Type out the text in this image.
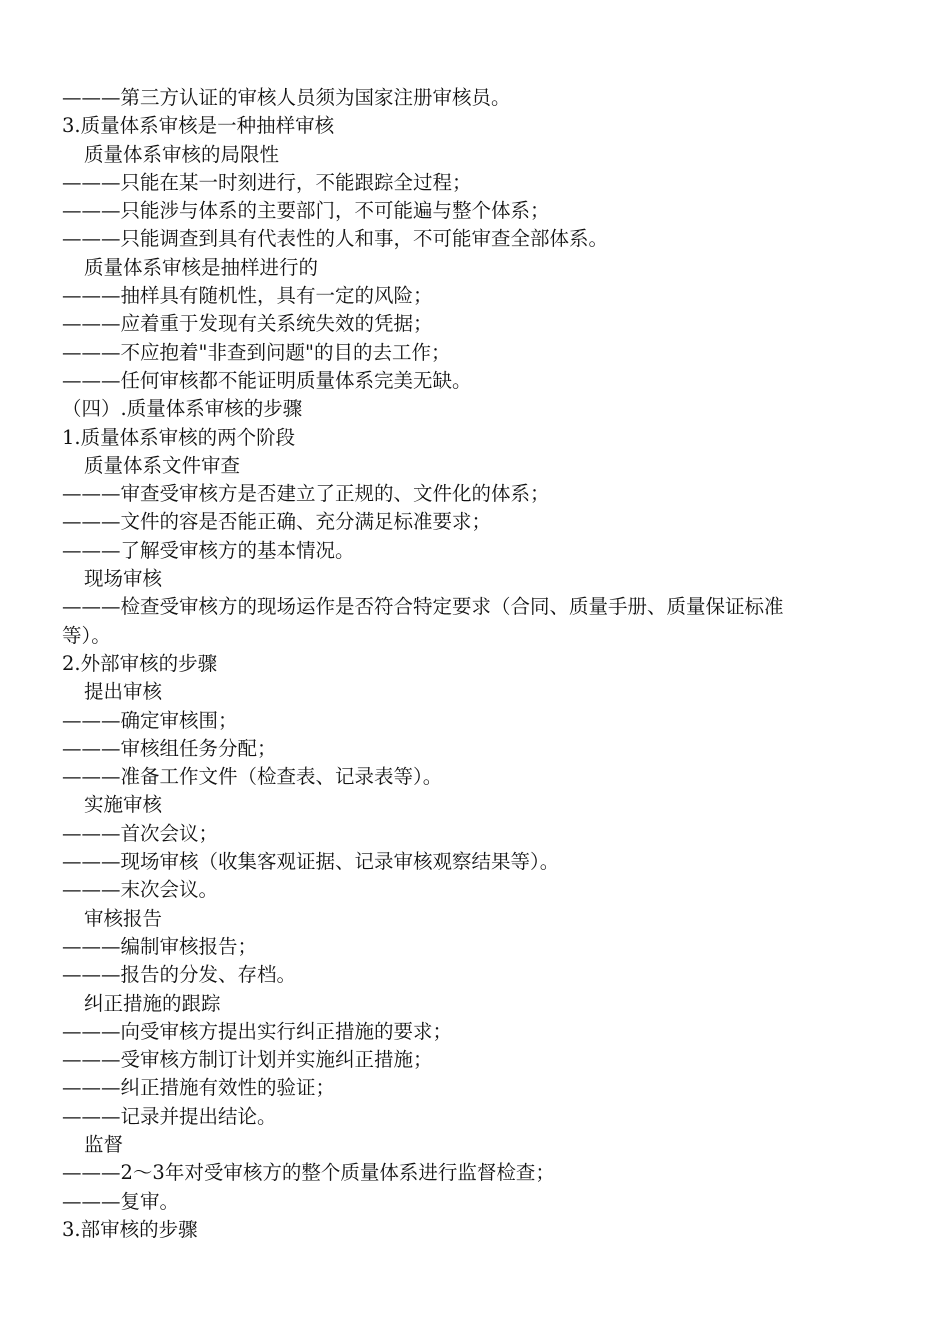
———第三方认证的审核人员须为国家注册审核员。
3.质量体系审核是一种抽样审核
质量体系审核的局限性
———只能在某一时刻进行，不能跟踪全过程；
———只能涉与体系的主要部门，不可能遍与整个体系；
———只能调查到具有代表性的人和事，不可能审查全部体系。
质量体系审核是抽样进行的
———抽样具有随机性，具有一定的风险；
———应着重于发现有关系统失效的凭据；
———不应抱着"非查到问题"的目的去工作；
———任何审核都不能证明质量体系完美无缺。
（四）.质量体系审核的步骤
1.质量体系审核的两个阶段
质量体系文件审查
———审查受审核方是否建立了正规的、文件化的体系；
———文件的容是否能正确、充分满足标准要求；
———了解受审核方的基本情况。
现场审核
———检查受审核方的现场运作是否符合特定要求（合同、质量手册、质量保证标准
等）。
2.外部审核的步骤
提出审核
———确定审核围；
———审核组任务分配；
———准备工作文件（检查表、记录表等）。
实施审核
———首次会议；
———现场审核（收集客观证据、记录审核观察结果等）。
———末次会议。
审核报告
———编制审核报告；
———报告的分发、存档。
纠正措施的跟踪
———向受审核方提出实行纠正措施的要求；
———受审核方制订计划并实施纠正措施；
———纠正措施有效性的验证；
———记录并提出结论。
监督
———2～3年对受审核方的整个质量体系进行监督检查；
———复审。
3.部审核的步骤
